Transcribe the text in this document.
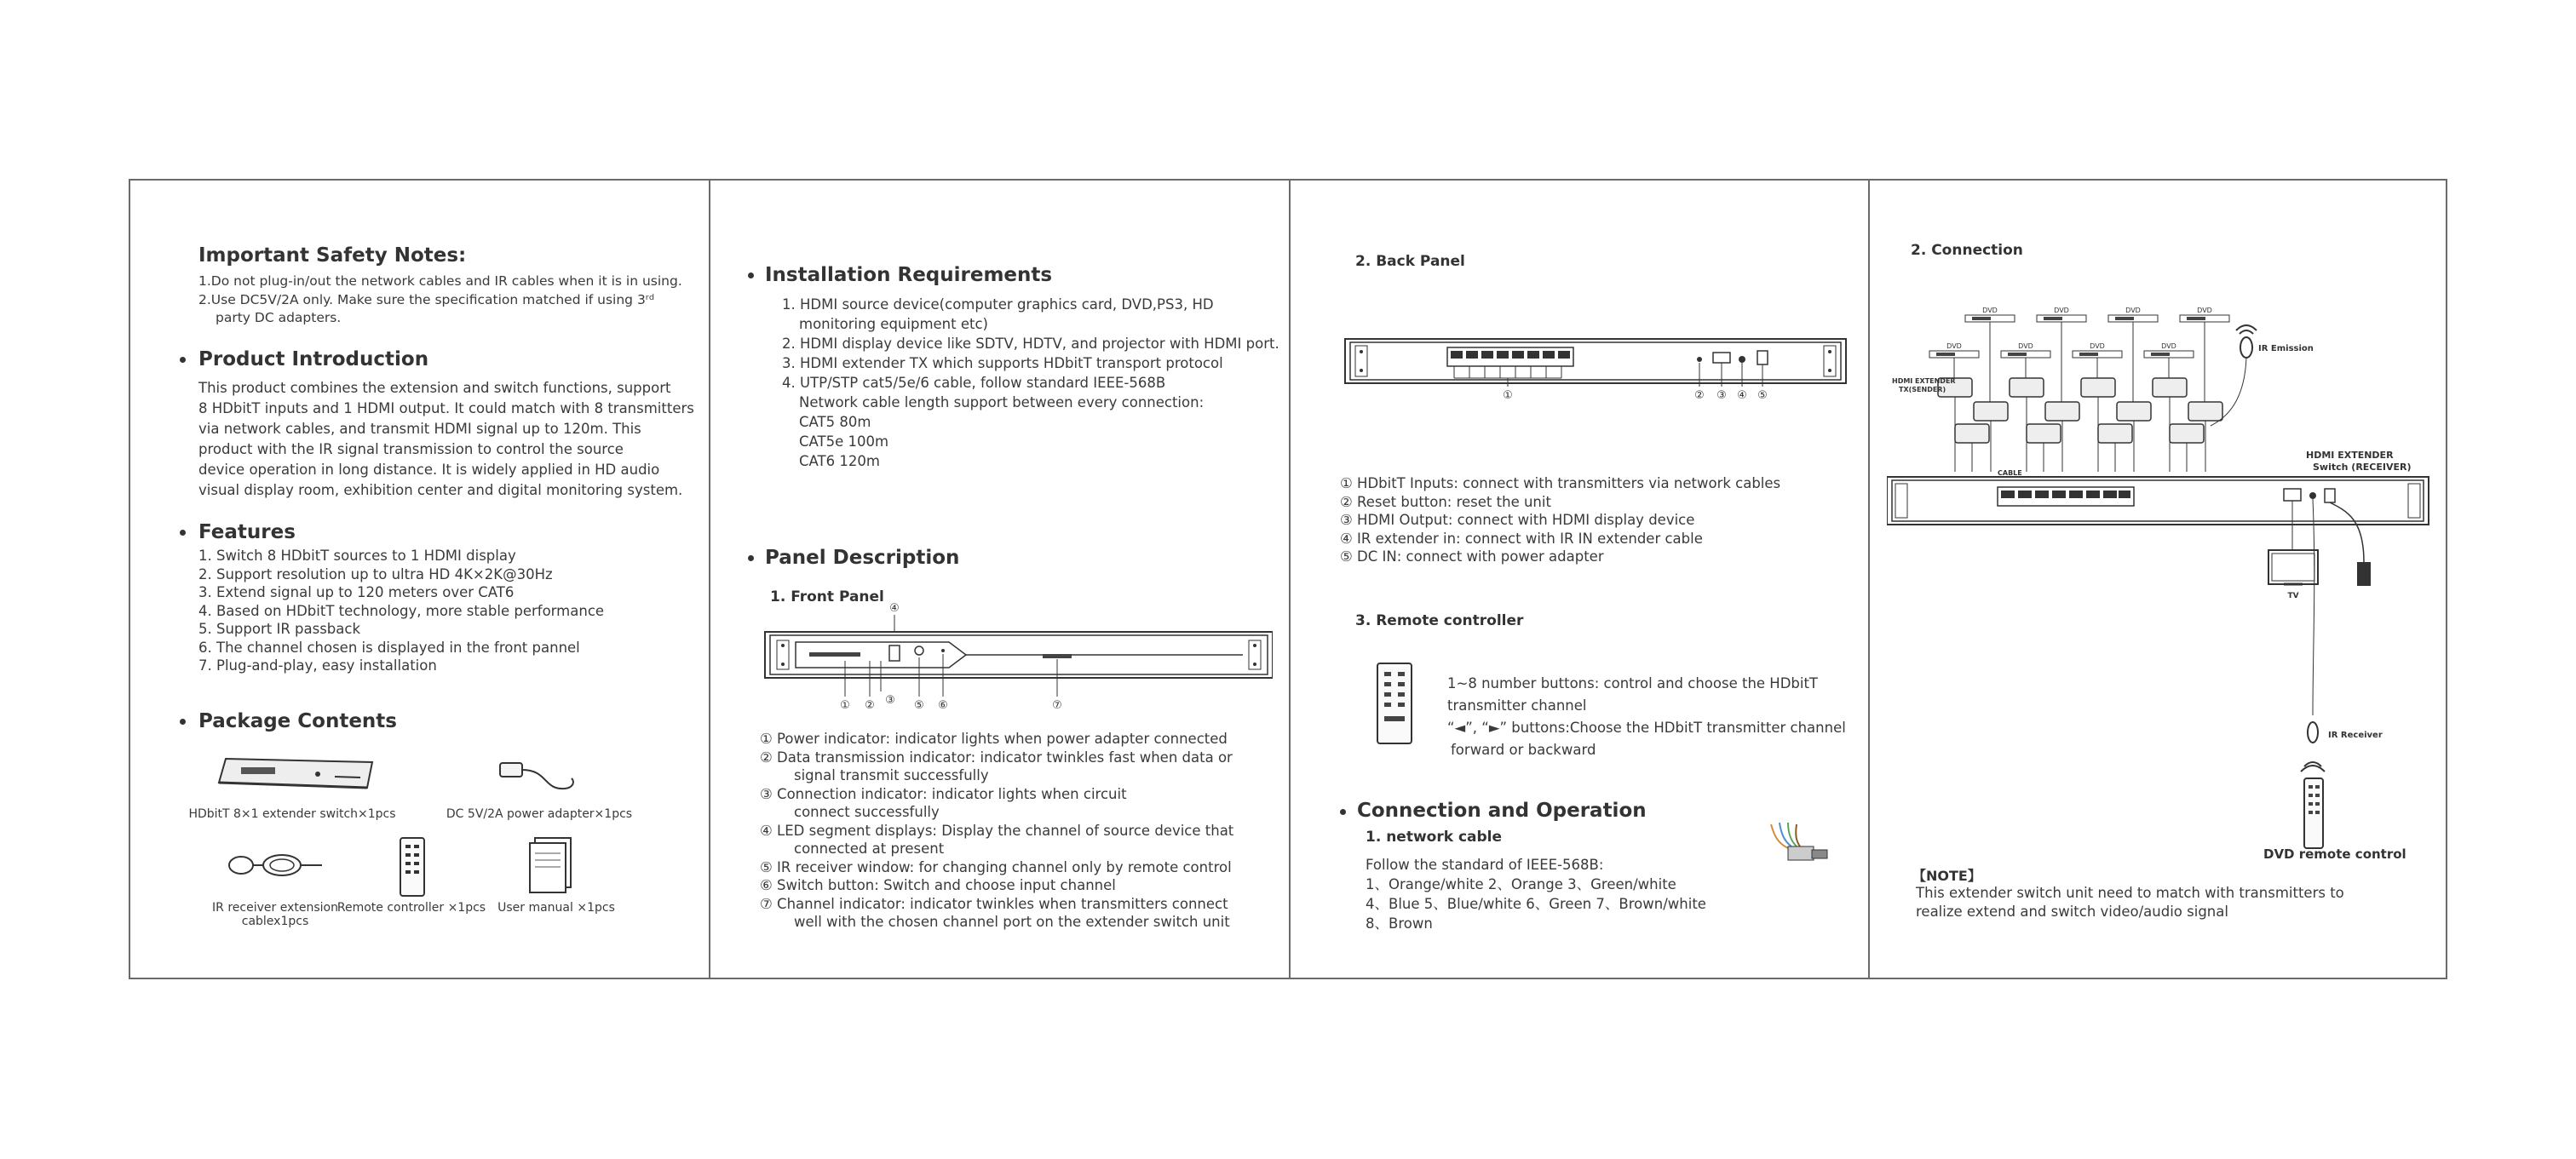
Important Safety Notes:
1.Do not plug-in/out the network cables and IR cables when it is in using.
2.Use DC5V/2A only. Make sure the specification matched if using 3ʳᵈ
party DC adapters.
Product Introduction
This product combines the extension and switch functions, support
8 HDbitT inputs and 1 HDMI output. It could match with 8 transmitters
via network cables, and transmit HDMI signal up to 120m. This
product with the IR signal transmission to control the source
device operation in long distance. It is widely applied in HD audio
visual display room, exhibition center and digital monitoring system.
Features
1. Switch 8 HDbitT sources to 1 HDMI display
2. Support resolution up to ultra HD 4K×2K@30Hz
3. Extend signal up to 120 meters over CAT6
4. Based on HDbitT technology, more stable performance
5. Support IR passback
6. The channel chosen is displayed in the front pannel
7. Plug-and-play, easy installation
Package Contents
HDbitT 8×1 extender switch×1pcs	DC 5V/2A power adapter×1pcs
IR receiver extension
cablex1pcs
Remote controller ×1pcs	User manual ×1pcs
Installation Requirements
1. HDMI source device(computer graphics card, DVD,PS3, HD
monitoring equipment etc)
2. HDMI display device like SDTV, HDTV, and projector with HDMI port.
3. HDMI extender TX which supports HDbitT transport protocol
4. UTP/STP cat5/5e/6 cable, follow standard IEEE-568B
Network cable length support between every connection:
CAT5 80m
CAT5e 100m
CAT6 120m
Panel Description
1. Front Panel
④
① ② ③ ⑤ ⑥	⑦
① Power indicator: indicator lights when power adapter connected
② Data transmission indicator: indicator twinkles fast when data or
signal transmit successfully
③ Connection indicator: indicator lights when circuit
connect successfully
④ LED segment displays: Display the channel of source device that
connected at present
⑤ IR receiver window: for changing channel only by remote control
⑥ Switch button: Switch and choose input channel
⑦ Channel indicator: indicator twinkles when transmitters connect
well with the chosen channel port on the extender switch unit
2. Back Panel
①	② ③ ④ ⑤
① HDbitT Inputs: connect with transmitters via network cables
② Reset button: reset the unit
③ HDMI Output: connect with HDMI display device
④ IR extender in: connect with IR IN extender cable
⑤ DC IN: connect with power adapter
3. Remote controller
1~8 number buttons: control and choose the HDbitT
transmitter channel
“◄”, “►” buttons:Choose the HDbitT transmitter channel
forward or backward
Connection and Operation
1. network cable
Follow the standard of IEEE-568B:
1、Orange/white 2、Orange 3、Green/white
4、Blue 5、Blue/white 6、Green 7、Brown/white
8、Brown
2. Connection
DVD	DVD	DVD	DVD
DVD	DVD	DVD	DVD
HDMI EXTENDER
TX(SENDER)
IR Emission
CABLE
HDMI EXTENDER
Switch (RECEIVER)
TV
IR Receiver
DVD remote control
【NOTE】
This extender switch unit need to match with transmitters to
realize extend and switch video/audio signal
